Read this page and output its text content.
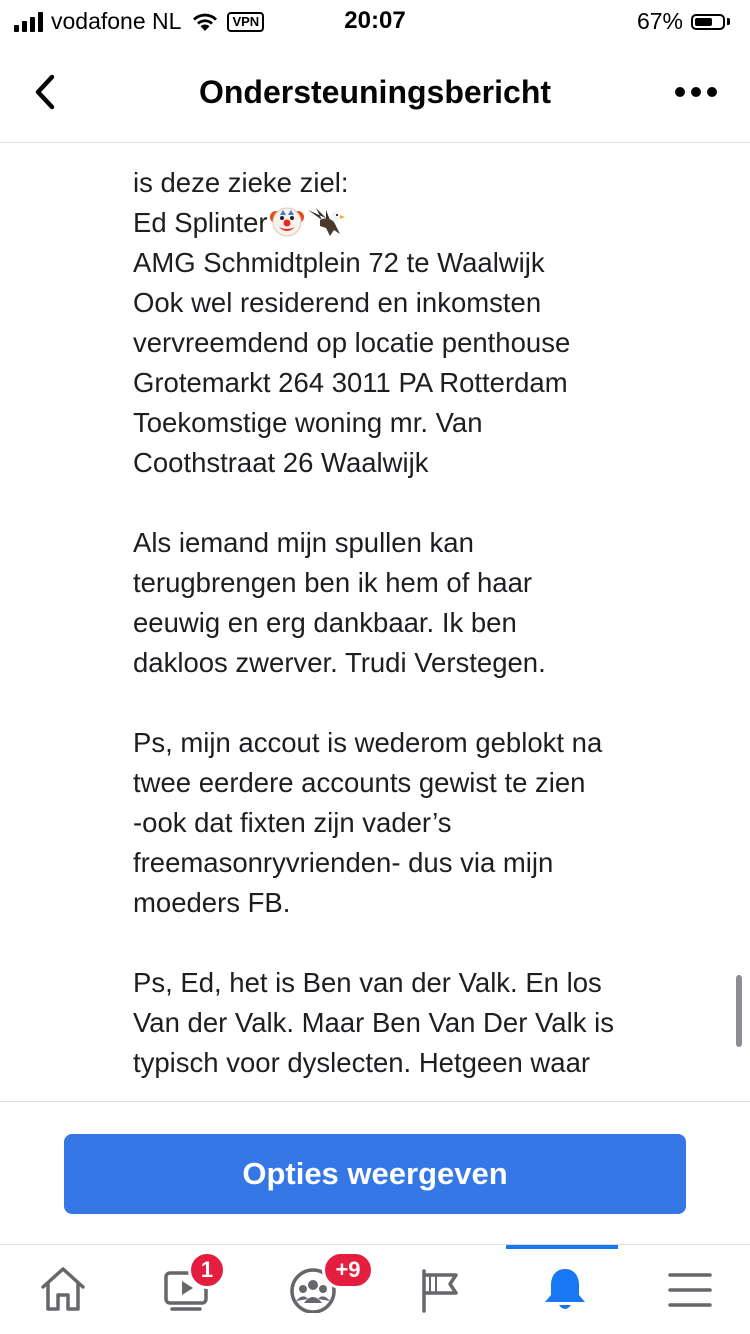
vodafone NL	VPN	20:07	67%
Ondersteuningsbericht
is deze zieke ziel:
Ed Splinter
AMG Schmidtplein 72 te Waalwijk
Ook wel residerend en inkomsten
vervreemdend op locatie penthouse
Grotemarkt 264 3011 PA Rotterdam
Toekomstige woning mr. Van
Coothstraat 26 Waalwijk
Als iemand mijn spullen kan
terugbrengen ben ik hem of haar
eeuwig en erg dankbaar. Ik ben
dakloos zwerver. Trudi Verstegen.
Ps, mijn accout is wederom geblokt na
twee eerdere accounts gewist te zien
-ook dat fixten zijn vader’s
freemasonryvrienden- dus via mijn
moeders FB.
Ps, Ed, het is Ben van der Valk. En los
Van der Valk. Maar Ben Van Der Valk is
typisch voor dyslecten. Hetgeen waar
Opties weergeven
1	+9
